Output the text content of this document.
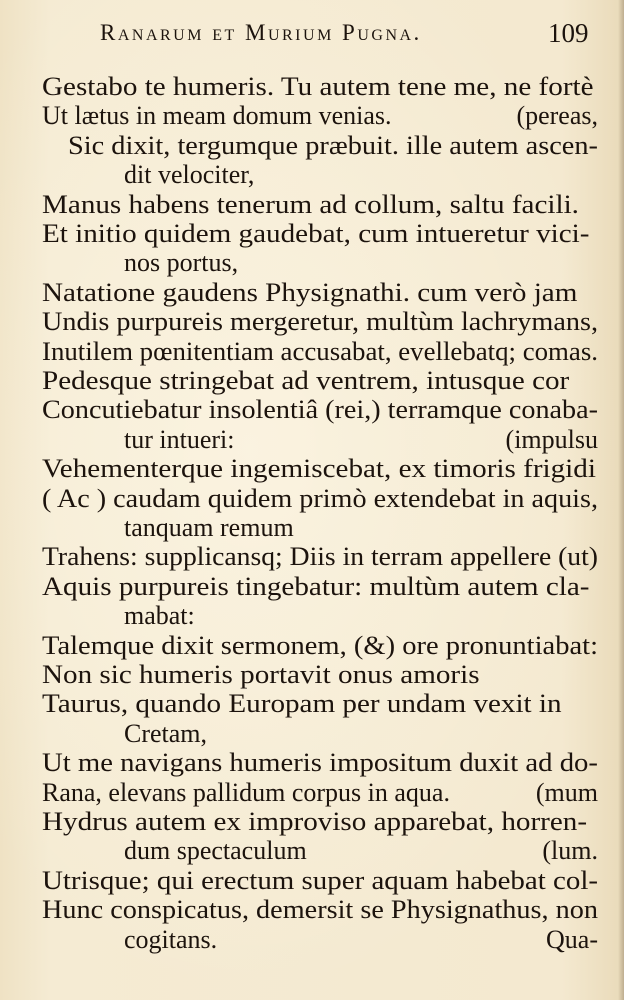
Ranarum et Murium Pugna.	109
Gestabo te humeris. Tu autem tene me, ne fortè
Ut lætus in meam domum venias.	(pereas,
Sic dixit, tergumque præbuit. ille autem ascen-
dit velociter,
Manus habens tenerum ad collum, saltu facili.
Et initio quidem gaudebat, cum intueretur vici-
nos portus,
Natatione gaudens Physignathi. cum verò jam
Undis purpureis mergeretur, multùm lachrymans,
Inutilem pœnitentiam accusabat, evellebatq; comas.
Pedesque stringebat ad ventrem, intusque cor
Concutiebatur insolentiâ (rei,) terramque conaba-
tur intueri:	(impulsu
Vehementerque ingemiscebat, ex timoris frigidi
( Ac ) caudam quidem primò extendebat in aquis,
tanquam remum
Trahens: supplicansq; Diis in terram appellere (ut)
Aquis purpureis tingebatur: multùm autem cla-
mabat:
Talemque dixit sermonem, (&) ore pronuntiabat:
Non sic humeris portavit onus amoris
Taurus, quando Europam per undam vexit in
Cretam,
Ut me navigans humeris impositum duxit ad do-
Rana, elevans pallidum corpus in aqua.	(mum
Hydrus autem ex improviso apparebat, horren-
dum spectaculum	(lum.
Utrisque; qui erectum super aquam habebat col-
Hunc conspicatus, demersit se Physignathus, non
cogitans.	Qua-
